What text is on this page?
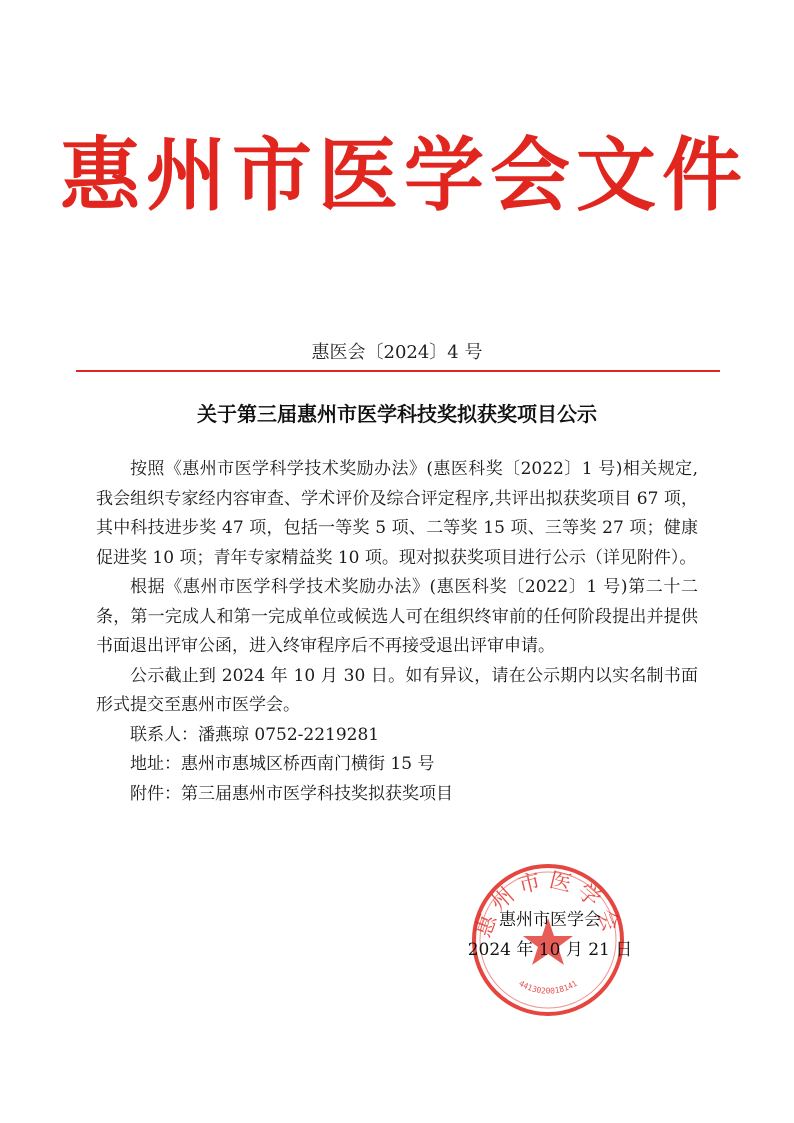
惠州市医学会文件
惠医会〔2024〕4 号
关于第三届惠州市医学科技奖拟获奖项目公示

按照《惠州市医学科学技术奖励办法》(惠医科奖〔2022〕1 号)相关规定,我会组织专家经内容审查、学术评价及综合评定程序,共评出拟获奖项目 67 项，其中科技进步奖 47 项，包括一等奖 5 项、二等奖 15 项、三等奖 27 项；健康促进奖 10 项；青年专家精益奖 10 项。现对拟获奖项目进行公示（详见附件）。

根据《惠州市医学科学技术奖励办法》(惠医科奖〔2022〕1 号)第二十二条，第一完成人和第一完成单位或候选人可在组织终审前的任何阶段提出并提供书面退出评审公函，进入终审程序后不再接受退出评审申请。

公示截止到 2024 年 10 月 30 日。如有异议，请在公示期内以实名制书面形式提交至惠州市医学会。

联系人：潘燕琼 0752-2219281

地址：惠州市惠城区桥西南门横街 15 号

附件：第三届惠州市医学科技奖拟获奖项目

惠州市医学会
4413020018141
惠州市医学会
2024 年 10 月 21 日
